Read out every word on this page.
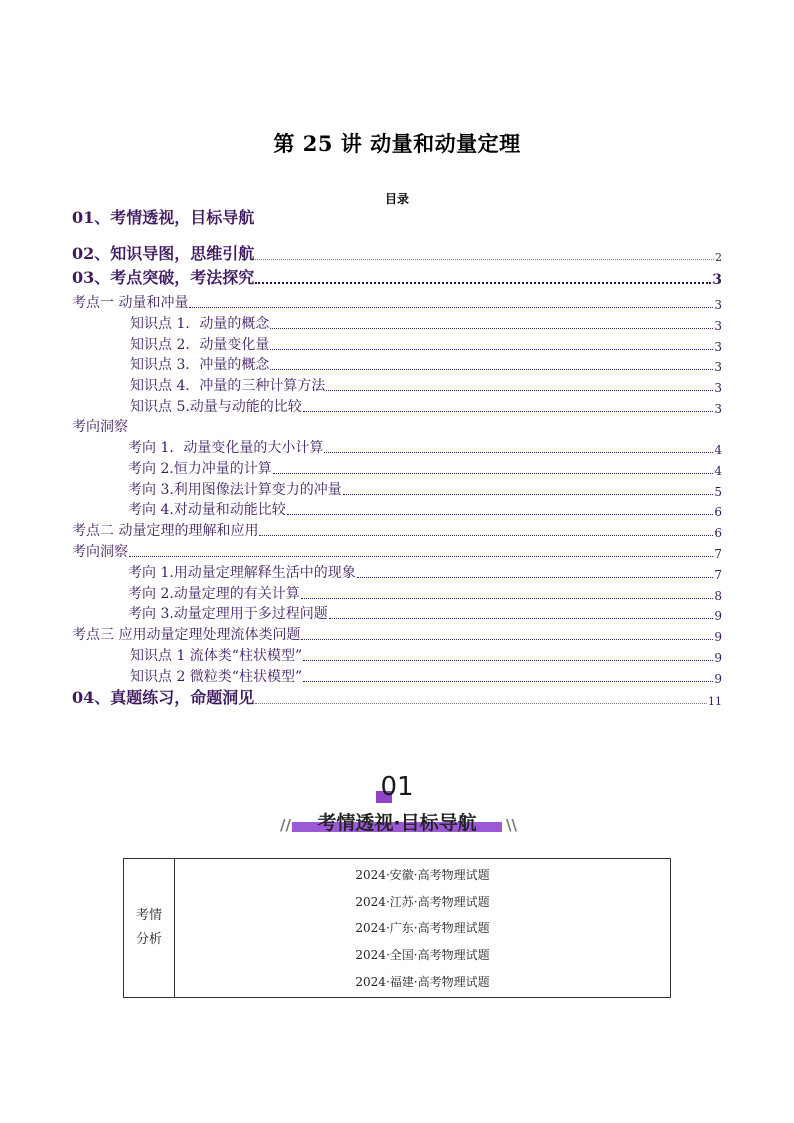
第 25 讲 动量和动量定理
目录
01、考情透视，目标导航
02、知识导图，思维引航	2
03、考点突破，考法探究	3
考点一 动量和冲量	3
知识点 1．动量的概念	3
知识点 2．动量变化量	3
知识点 3．冲量的概念	3
知识点 4．冲量的三种计算方法	3
知识点 5.动量与动能的比较	3
考向洞察
考向 1．动量变化量的大小计算	4
考向 2.恒力冲量的计算	4
考向 3.利用图像法计算变力的冲量	5
考向 4.对动量和动能比较	6
考点二 动量定理的理解和应用	6
考向洞察	7
考向 1.用动量定理解释生活中的现象	7
考向 2.动量定理的有关计算	8
考向 3.动量定理用于多过程问题	9
考点三 应用动量定理处理流体类问题	9
知识点 1 流体类“柱状模型”	9
知识点 2 微粒类“柱状模型”	9
04、真题练习，命题洞见	11
01
考情透视·目标导航
//	\\
考情
分析
2024·安徽·高考物理试题
2024·江苏·高考物理试题
2024·广东·高考物理试题
2024·全国·高考物理试题
2024·福建·高考物理试题
